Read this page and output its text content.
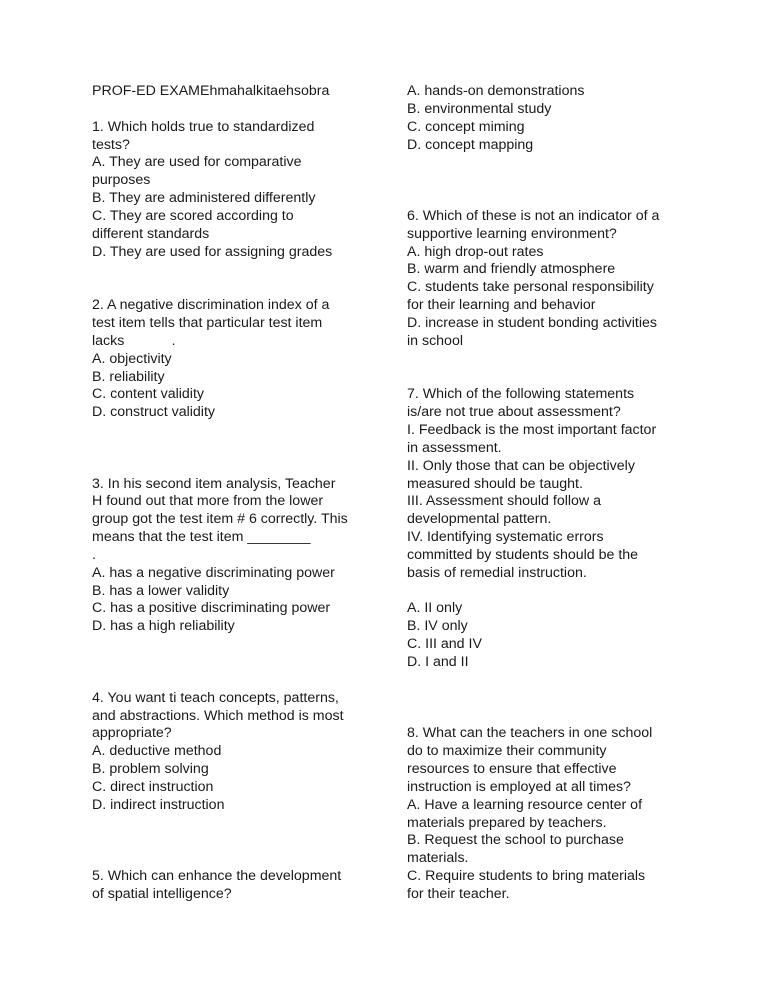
PROF-ED EXAMEhmahalkitaehsobra
1. Which holds true to standardized
tests?
A. They are used for comparative
purposes
B. They are administered differently
C. They are scored according to
different standards
D. They are used for assigning grades
2. A negative discrimination index of a
test item tells that particular test item
lacks            .
A. objectivity
B. reliability
C. content validity
D. construct validity
3. In his second item analysis, Teacher
H found out that more from the lower
group got the test item # 6 correctly. This
means that the test item ________
.
A. has a negative discriminating power
B. has a lower validity
C. has a positive discriminating power
D. has a high reliability
4. You want ti teach concepts, patterns,
and abstractions. Which method is most
appropriate?
A. deductive method
B. problem solving
C. direct instruction
D. indirect instruction
5. Which can enhance the development
of spatial intelligence?
A. hands-on demonstrations
B. environmental study
C. concept miming
D. concept mapping
6. Which of these is not an indicator of a
supportive learning environment?
A. high drop-out rates
B. warm and friendly atmosphere
C. students take personal responsibility
for their learning and behavior
D. increase in student bonding activities
in school
7. Which of the following statements
is/are not true about assessment?
I. Feedback is the most important factor
in assessment.
II. Only those that can be objectively
measured should be taught.
III. Assessment should follow a
developmental pattern.
IV. Identifying systematic errors
committed by students should be the
basis of remedial instruction.
A. II only
B. IV only
C. III and IV
D. I and II
8. What can the teachers in one school
do to maximize their community
resources to ensure that effective
instruction is employed at all times?
A. Have a learning resource center of
materials prepared by teachers.
B. Request the school to purchase
materials.
C. Require students to bring materials
for their teacher.
